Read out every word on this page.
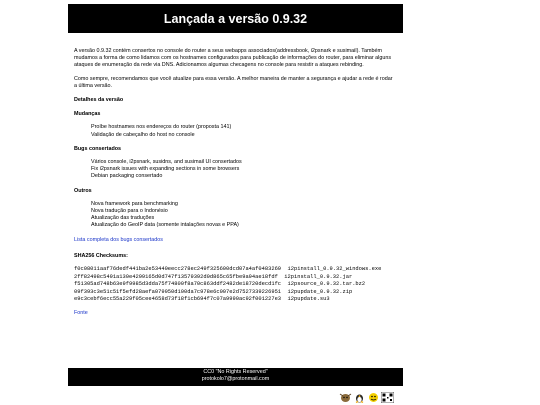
Lançada a versão 0.9.32

A versão 0.9.32 contém consertos no console do router a seus webapps associados(addressbook, i2psnark e susimail). Também mudamos a forma de como lidamos com os hostnames configurados para publicação de informações do router, para eliminar alguns ataques de enumeração da rede via DNS. Adicionamos algumas checagens no console para resistir a ataques rebinding.

Como sempre, recomendamos que você atualize para essa versão. A melhor maneira de manter a segurança e ajudar a rede é rodar a última versão.

Detalhes da versão
Mudanças
Proíbe hostnames nos endereços do router (proposta 141)
Validação de cabeçalho do host no console
Bugs consertados
Vários console, i2psnark, susidns, and susimail UI consertados
Fix i2psnark issues with expanding sections in some browsers
Debian packaging consertado
Outros
Nova framework para benchmarking
Nova tradução para o Indonésio
Atualização das traduções
Atualização do GeoIP data (somente intalações novas e PPA)
Lista completa dos bugs consertados
SHA256 Checksums:
f0c08011aaf76dedf441ba2e53440eecc278ec249f325600dcd07a4af0483269  i2pinstall_0.9.32_windows.exe
2ff82498c5491a130e4299165d0d747f13579392d0d865c65fbe9a94ae18fdf  i2pinstall_0.9.32.jar
f51305ad748b63e9f9985d3dda75f74800f8a70c863ddf2482de18720decd1fc  i2psource_0.9.32.tar.bz2
09f393c3e51c51f5efd28aefa079950d100da7c978e6c007e2d7527339226951  i2pupdate_0.9.32.zip
e9c3cebf6ecc55a229f05cee4658d73f18f1cb694f7c07a9990ac92f001227e3  i2pupdate.su3
Fonte
CC0 "No Rights Reserved"
protokolo7@protonmail.com
